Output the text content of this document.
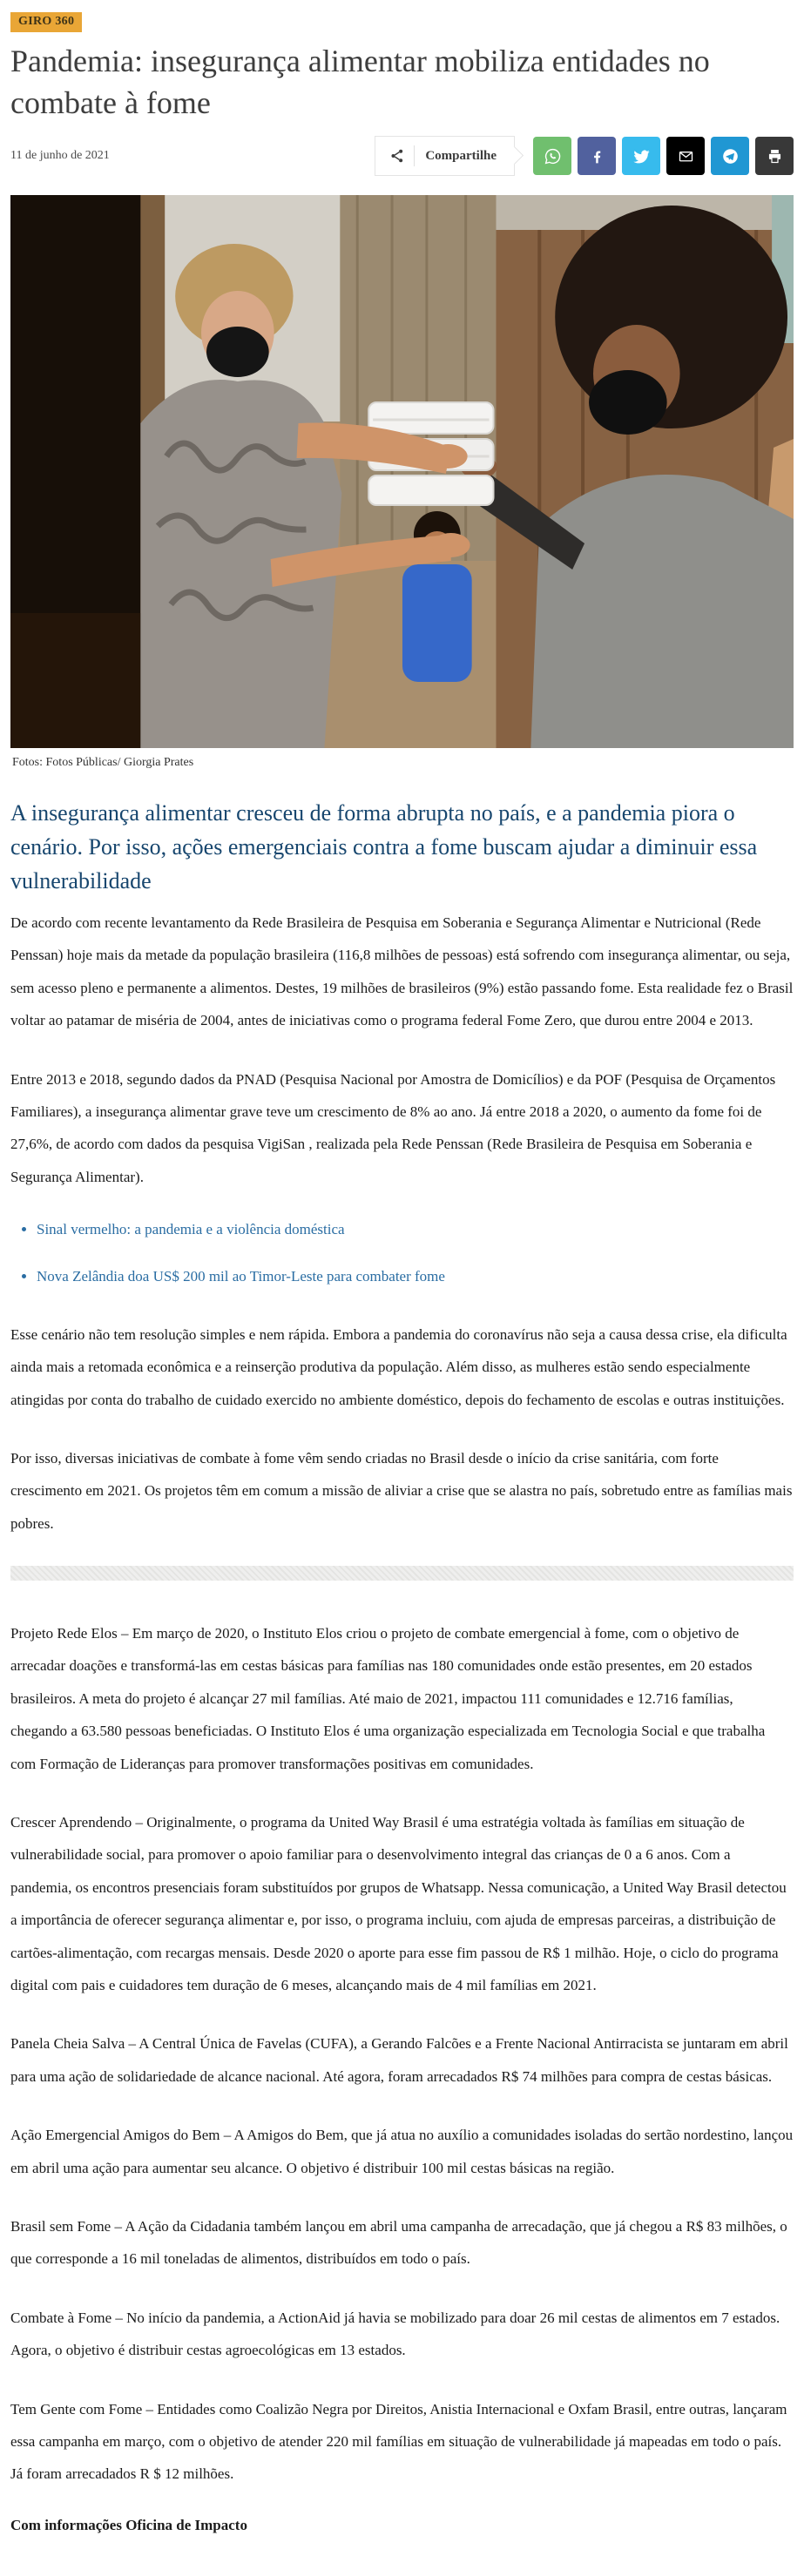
GIRO 360
Pandemia: insegurança alimentar mobiliza entidades no combate à fome
11 de junho de 2021	Compartilhe
Fotos: Fotos Públicas/ Giorgia Prates
A insegurança alimentar cresceu de forma abrupta no país, e a pandemia piora o cenário. Por isso, ações emergenciais contra a fome buscam ajudar a diminuir essa vulnerabilidade

De acordo com recente levantamento da Rede Brasileira de Pesquisa em Soberania e Segurança Alimentar e Nutricional (Rede Penssan) hoje mais da metade da população brasileira (116,8 milhões de pessoas) está sofrendo com insegurança alimentar, ou seja, sem acesso pleno e permanente a alimentos. Destes, 19 milhões de brasileiros (9%) estão passando fome. Esta realidade fez o Brasil voltar ao patamar de miséria de 2004, antes de iniciativas como o programa federal Fome Zero, que durou entre 2004 e 2013.

Entre 2013 e 2018, segundo dados da PNAD (Pesquisa Nacional por Amostra de Domicílios) e da POF (Pesquisa de Orçamentos Familiares), a insegurança alimentar grave teve um crescimento de 8% ao ano. Já entre 2018 a 2020, o aumento da fome foi de 27,6%, de acordo com dados da pesquisa VigiSan , realizada pela Rede Penssan (Rede Brasileira de Pesquisa em Soberania e Segurança Alimentar).

• Sinal vermelho: a pandemia e a violência doméstica
• Nova Zelândia doa US$ 200 mil ao Timor-Leste para combater fome

Esse cenário não tem resolução simples e nem rápida. Embora a pandemia do coronavírus não seja a causa dessa crise, ela dificulta ainda mais a retomada econômica e a reinserção produtiva da população. Além disso, as mulheres estão sendo especialmente atingidas por conta do trabalho de cuidado exercido no ambiente doméstico, depois do fechamento de escolas e outras instituições.

Por isso, diversas iniciativas de combate à fome vêm sendo criadas no Brasil desde o início da crise sanitária, com forte crescimento em 2021. Os projetos têm em comum a missão de aliviar a crise que se alastra no país, sobretudo entre as famílias mais pobres.

Projeto Rede Elos – Em março de 2020, o Instituto Elos criou o projeto de combate emergencial à fome, com o objetivo de arrecadar doações e transformá-las em cestas básicas para famílias nas 180 comunidades onde estão presentes, em 20 estados brasileiros. A meta do projeto é alcançar 27 mil famílias. Até maio de 2021, impactou 111 comunidades e 12.716 famílias, chegando a 63.580 pessoas beneficiadas. O Instituto Elos é uma organização especializada em Tecnologia Social e que trabalha com Formação de Lideranças para promover transformações positivas em comunidades.

Crescer Aprendendo – Originalmente, o programa da United Way Brasil é uma estratégia voltada às famílias em situação de vulnerabilidade social, para promover o apoio familiar para o desenvolvimento integral das crianças de 0 a 6 anos. Com a pandemia, os encontros presenciais foram substituídos por grupos de Whatsapp. Nessa comunicação, a United Way Brasil detectou a importância de oferecer segurança alimentar e, por isso, o programa incluiu, com ajuda de empresas parceiras, a distribuição de cartões-alimentação, com recargas mensais. Desde 2020 o aporte para esse fim passou de R$ 1 milhão. Hoje, o ciclo do programa digital com pais e cuidadores tem duração de 6 meses, alcançando mais de 4 mil famílias em 2021.

Panela Cheia Salva – A Central Única de Favelas (CUFA), a Gerando Falcões e a Frente Nacional Antirracista se juntaram em abril para uma ação de solidariedade de alcance nacional. Até agora, foram arrecadados R$ 74 milhões para compra de cestas básicas.

Ação Emergencial Amigos do Bem – A Amigos do Bem, que já atua no auxílio a comunidades isoladas do sertão nordestino, lançou em abril uma ação para aumentar seu alcance. O objetivo é distribuir 100 mil cestas básicas na região.

Brasil sem Fome – A Ação da Cidadania também lançou em abril uma campanha de arrecadação, que já chegou a R$ 83 milhões, o que corresponde a 16 mil toneladas de alimentos, distribuídos em todo o país.

Combate à Fome – No início da pandemia, a ActionAid já havia se mobilizado para doar 26 mil cestas de alimentos em 7 estados. Agora, o objetivo é distribuir cestas agroecológicas em 13 estados.

Tem Gente com Fome – Entidades como Coalizão Negra por Direitos, Anistia Internacional e Oxfam Brasil, entre outras, lançaram essa campanha em março, com o objetivo de atender 220 mil famílias em situação de vulnerabilidade já mapeadas em todo o país. Já foram arrecadados R $ 12 milhões.

Com informações Oficina de Impacto
